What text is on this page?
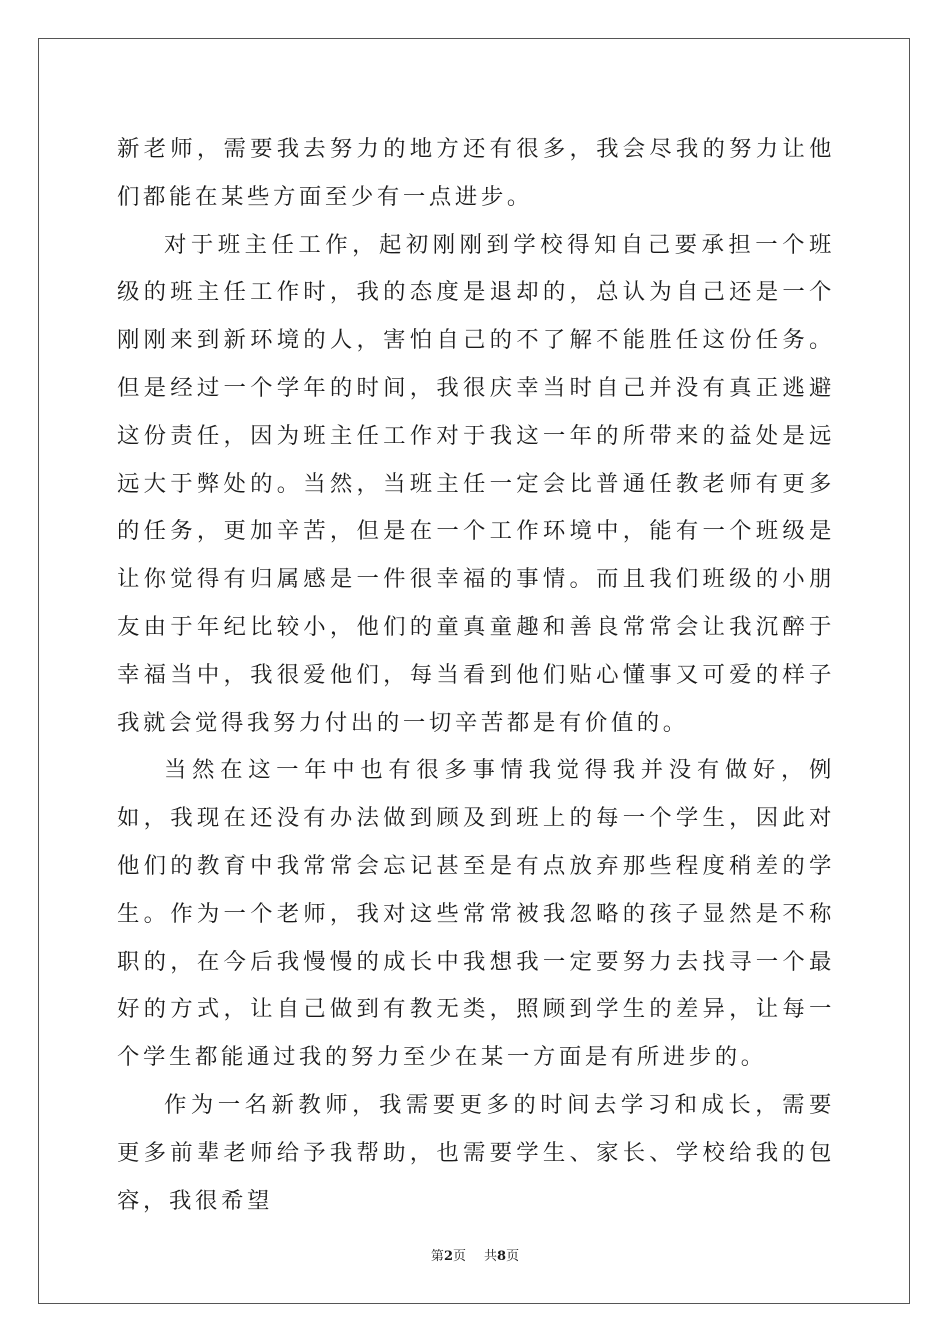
新老师，需要我去努力的地方还有很多，我会尽我的努力让他们都能在某些方面至少有一点进步。

对于班主任工作，起初刚刚到学校得知自己要承担一个班级的班主任工作时，我的态度是退却的，总认为自己还是一个刚刚来到新环境的人，害怕自己的不了解不能胜任这份任务。但是经过一个学年的时间，我很庆幸当时自己并没有真正逃避这份责任，因为班主任工作对于我这一年的所带来的益处是远远大于弊处的。当然，当班主任一定会比普通任教老师有更多的任务，更加辛苦，但是在一个工作环境中，能有一个班级是让你觉得有归属感是一件很幸福的事情。而且我们班级的小朋友由于年纪比较小，他们的童真童趣和善良常常会让我沉醉于幸福当中，我很爱他们，每当看到他们贴心懂事又可爱的样子我就会觉得我努力付出的一切辛苦都是有价值的。

当然在这一年中也有很多事情我觉得我并没有做好，例如，我现在还没有办法做到顾及到班上的每一个学生，因此对他们的教育中我常常会忘记甚至是有点放弃那些程度稍差的学生。作为一个老师，我对这些常常被我忽略的孩子显然是不称职的，在今后我慢慢的成长中我想我一定要努力去找寻一个最好的方式，让自己做到有教无类，照顾到学生的差异，让每一个学生都能通过我的努力至少在某一方面是有所进步的。

作为一名新教师，我需要更多的时间去学习和成长，需要更多前辈老师给予我帮助，也需要学生、家长、学校给我的包容，我很希望

第2页 共8页
